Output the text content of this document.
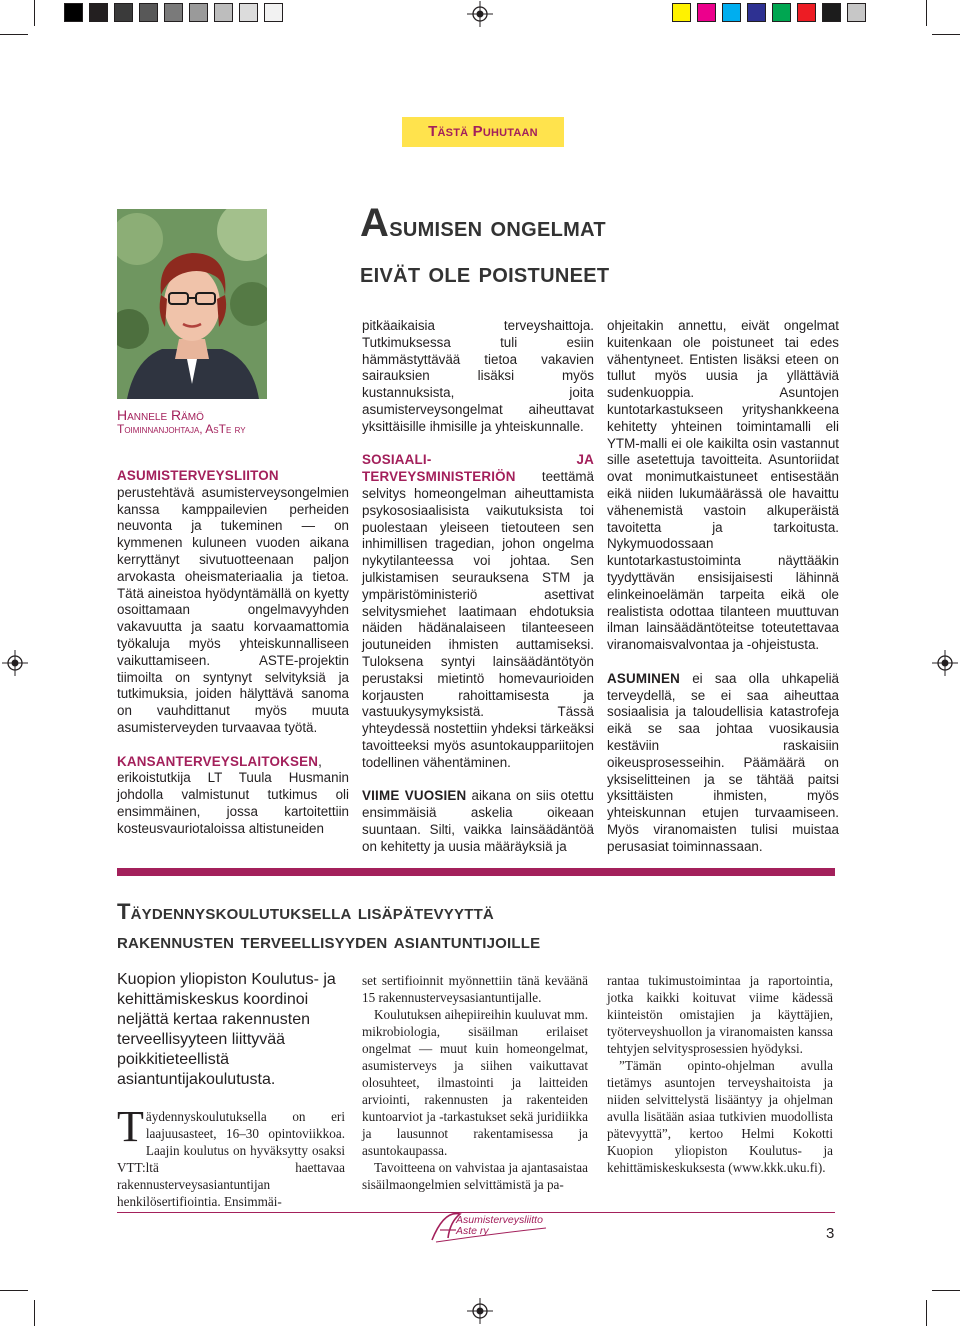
Tästä Puhutaan
Asumisen ongelmat
eivät ole poistuneet
Hannele Rämö
Toiminnanjohtaja, AsTe ry

ASUMISTERVEYSLIITON perustehtävä asumisterveysongelmien kanssa kamppailevien perheiden neuvonta ja tukeminen — on kymmenen kuluneen vuoden aikana kerryttänyt sivutuotteenaan paljon arvokasta oheismateriaalia ja tietoa. Tätä aineistoa hyödyntämällä on kyetty osoittamaan ongelmavyyhden vakavuutta ja saatu korvaamattomia työkaluja myös yhteiskunnalliseen vaikuttamiseen. ASTE-projektin tiimoilta on syntynyt selvityksiä ja tutkimuksia, joiden hälyttävä sanoma on vauhdittanut myös muuta asumisterveyden turvaavaa työtä.

KANSANTERVEYSLAITOKSEN, erikoistutkija LT Tuula Husmanin johdolla valmistunut tutkimus oli ensimmäinen, jossa kartoitettiin kosteusvauriotaloissa altistuneiden

pitkäaikaisia terveyshaittoja. Tutkimuksessa tuli esiin hämmästyttävää tietoa vakavien sairauksien lisäksi myös kustannuksista, joita asumisterveysongelmat aiheuttavat yksittäisille ihmisille ja yhteiskunnalle.

SOSIAALI- JA TERVEYSMINISTERIÖN teettämä selvitys homeongelman aiheuttamista psykososiaalisista vaikutuksista toi puolestaan yleiseen tietouteen sen inhimillisen tragedian, johon ongelma nykytilanteessa voi johtaa. Sen julkistamisen seurauksena STM ja ympäristöministeriö asettivat selvitysmiehet laatimaan ehdotuksia näiden hädänalaiseen tilanteeseen joutuneiden ihmisten auttamiseksi. Tuloksena syntyi lainsäädäntötyön perustaksi mietintö homevaurioiden korjausten rahoittamisesta ja vastuukysymyksistä. Tässä yhteydessä nostettiin yhdeksi tärkeäksi tavoitteeksi myös asuntokauppariitojen todellinen vähentäminen.

VIIME VUOSIEN aikana on siis otettu ensimmäisiä askelia oikeaan suuntaan. Silti, vaikka lainsäädäntöä on kehitetty ja uusia määräyksiä ja

ohjeitakin annettu, eivät ongelmat kuitenkaan ole poistuneet tai edes vähentyneet. Entisten lisäksi eteen on tullut myös uusia ja yllättäviä sudenkuoppia. Asuntojen kuntotarkastukseen yrityshankkeena kehitetty yhteinen toimintamalli eli YTM-malli ei ole kaikilta osin vastannut sille asetettuja tavoitteita. Asuntoriidat ovat monimutkaistuneet entisestään eikä niiden lukumäärässä ole havaittu vähenemistä vastoin alkuperäistä tavoitetta ja tarkoitusta. Nykymuodossaan kuntotarkastustoiminta näyttääkin tyydyttävän ensisijaisesti lähinnä elinkeinoelämän tarpeita eikä ole realistista odottaa tilanteen muuttuvan ilman lainsäädäntöteitse toteutettavaa viranomaisvalvontaa ja -ohjeistusta.

ASUMINEN ei saa olla uhkapeliä terveydellä, se ei saa aiheuttaa sosiaalisia ja taloudellisia katastrofeja eikä se saa johtaa vuosikausia kestäviin raskaisiin oikeusprosesseihin. Päämäärä on yksiselitteinen ja se tähtää paitsi yksittäisten ihmisten, myös yhteiskunnan etujen turvaamiseen. Myös viranomaisten tulisi muistaa perusasiat toiminnassaan.

Täydennyskoulutuksella lisäpätevyyttä
rakennusten terveellisyyden asiantuntijoille
Kuopion yliopiston Koulutus- ja kehittämiskeskus koordinoi neljättä kertaa rakennusten terveellisyyteen liittyvää poikkitieteellistä asiantuntijakoulutusta.

Täydennyskoulutuksella on eri laajuusasteet, 16–30 opintoviikkoa. Laajin koulutus on hyväksytty osaksi VTT:ltä haettavaa rakennusterveysasiantuntijan henkilösertifiointia. Ensimmäi-

set sertifioinnit myönnettiin tänä keväänä 15 rakennusterveysasiantuntijalle.

Koulutuksen aihepiireihin kuuluvat mm. mikrobiologia, sisäilman erilaiset ongelmat — muut kuin homeongelmat, asumisterveys ja siihen vaikuttavat olosuhteet, ilmastointi ja laitteiden arviointi, rakennusten ja rakenteiden kuntoarviot ja -tarkastukset sekä juridiikka ja lausunnot rakentamisessa ja asuntokaupassa.

Tavoitteena on vahvistaa ja ajantasaistaa sisäilmaongelmien selvittämistä ja pa-

rantaa tukimustoimintaa ja raportointia, jotka kaikki koituvat viime kädessä kiinteistön omistajien ja käyttäjien, työterveyshuollon ja viranomaisten kanssa tehtyjen selvitysprosessien hyödyksi.

”Tämän opinto-ohjelman avulla tietämys asuntojen terveyshaitoista ja niiden selvittelystä lisääntyy ja ohjelman avulla lisätään asiaa tutkivien muodollista pätevyyttä”, kertoo Helmi Kokotti Kuopion yliopiston Koulutus- ja kehittämiskeskuksesta (www.kkk.uku.fi).

Asumisterveysliitto
Aste ry	3
